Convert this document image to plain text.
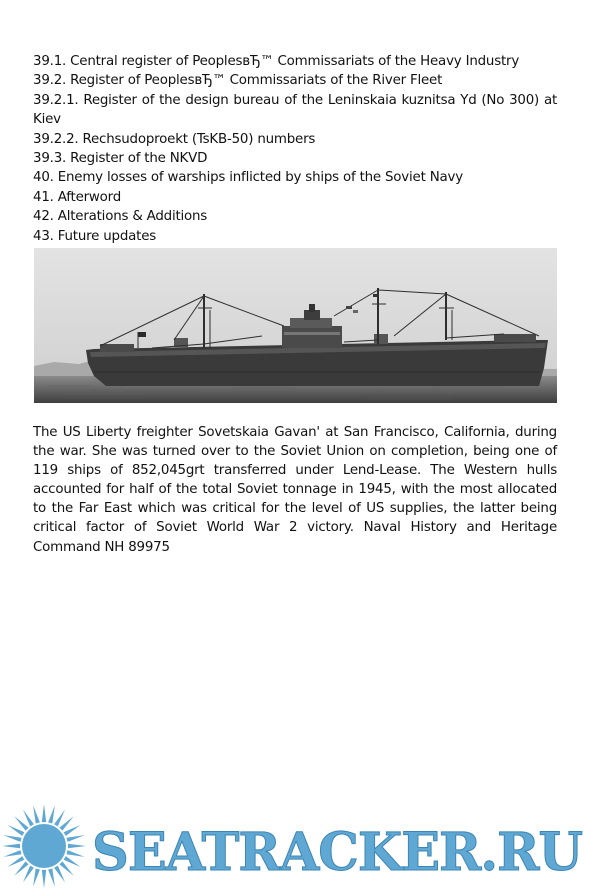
39.1. Central register of PeoplesвЂ™ Commissariats of the Heavy Industry
39.2. Register of PeoplesвЂ™ Commissariats of the River Fleet
39.2.1. Register of the design bureau of the Leninskaia kuznitsa Yd (No 300) at Kiev
39.2.2. Rechsudoproekt (TsKB-50) numbers
39.3. Register of the NKVD
40. Enemy losses of warships inflicted by ships of the Soviet Navy
41. Afterword
42. Alterations & Additions
43. Future updates
The US Liberty freighter Sovetskaia Gavan' at San Francisco, California, during the war. She was turned over to the Soviet Union on completion, being one of 119 ships of 852,045grt transferred under Lend-Lease. The Western hulls accounted for half of the total Soviet tonnage in 1945, with the most allocated to the Far East which was critical for the level of US supplies, the latter being critical factor of Soviet World War 2 victory. Naval History and Heritage Command NH 89975
SEATRACKER.RU
